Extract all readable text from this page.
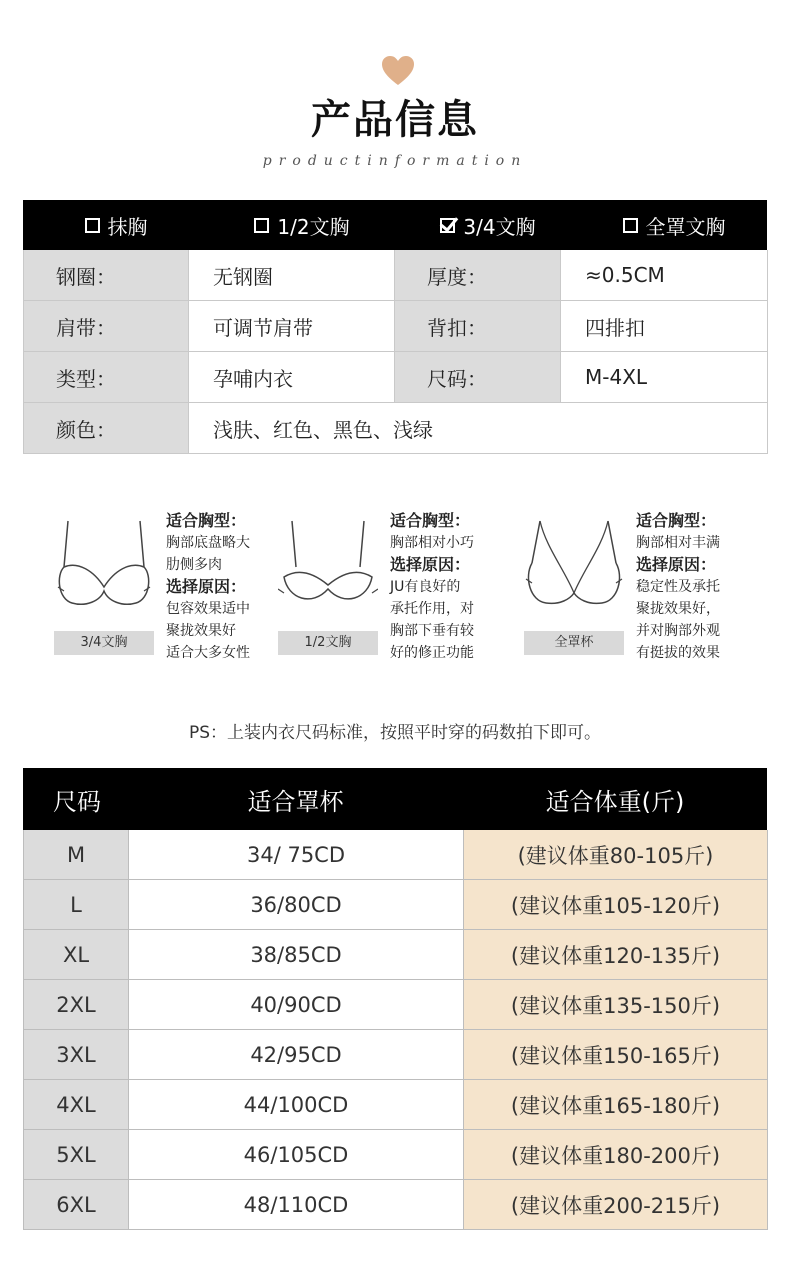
产品信息
productinformation
抹胸	1/2文胸	3/4文胸	全罩文胸
钢圈：	无钢圈	厚度：	≈0.5CM
肩带：	可调节肩带	背扣：	四排扣
类型：	孕哺内衣	尺码：	M-4XL
颜色：	浅肤、红色、黑色、浅绿
3/4文胸
适合胸型：
胸部底盘略大
肋侧多肉
选择原因：
包容效果适中
聚拢效果好
适合大多女性
1/2文胸
适合胸型：
胸部相对小巧
选择原因：
JU有良好的
承托作用，对
胸部下垂有较
好的修正功能
全罩杯
适合胸型：
胸部相对丰满
选择原因：
稳定性及承托
聚拢效果好，
并对胸部外观
有挺拔的效果
PS：上装内衣尺码标准，按照平时穿的码数拍下即可。
尺码	适合罩杯	适合体重(斤)
M	34/ 75CD	(建议体重80-105斤)
L	36/80CD	(建议体重105-120斤)
XL	38/85CD	(建议体重120-135斤)
2XL	40/90CD	(建议体重135-150斤)
3XL	42/95CD	(建议体重150-165斤)
4XL	44/100CD	(建议体重165-180斤)
5XL	46/105CD	(建议体重180-200斤)
6XL	48/110CD	(建议体重200-215斤)
